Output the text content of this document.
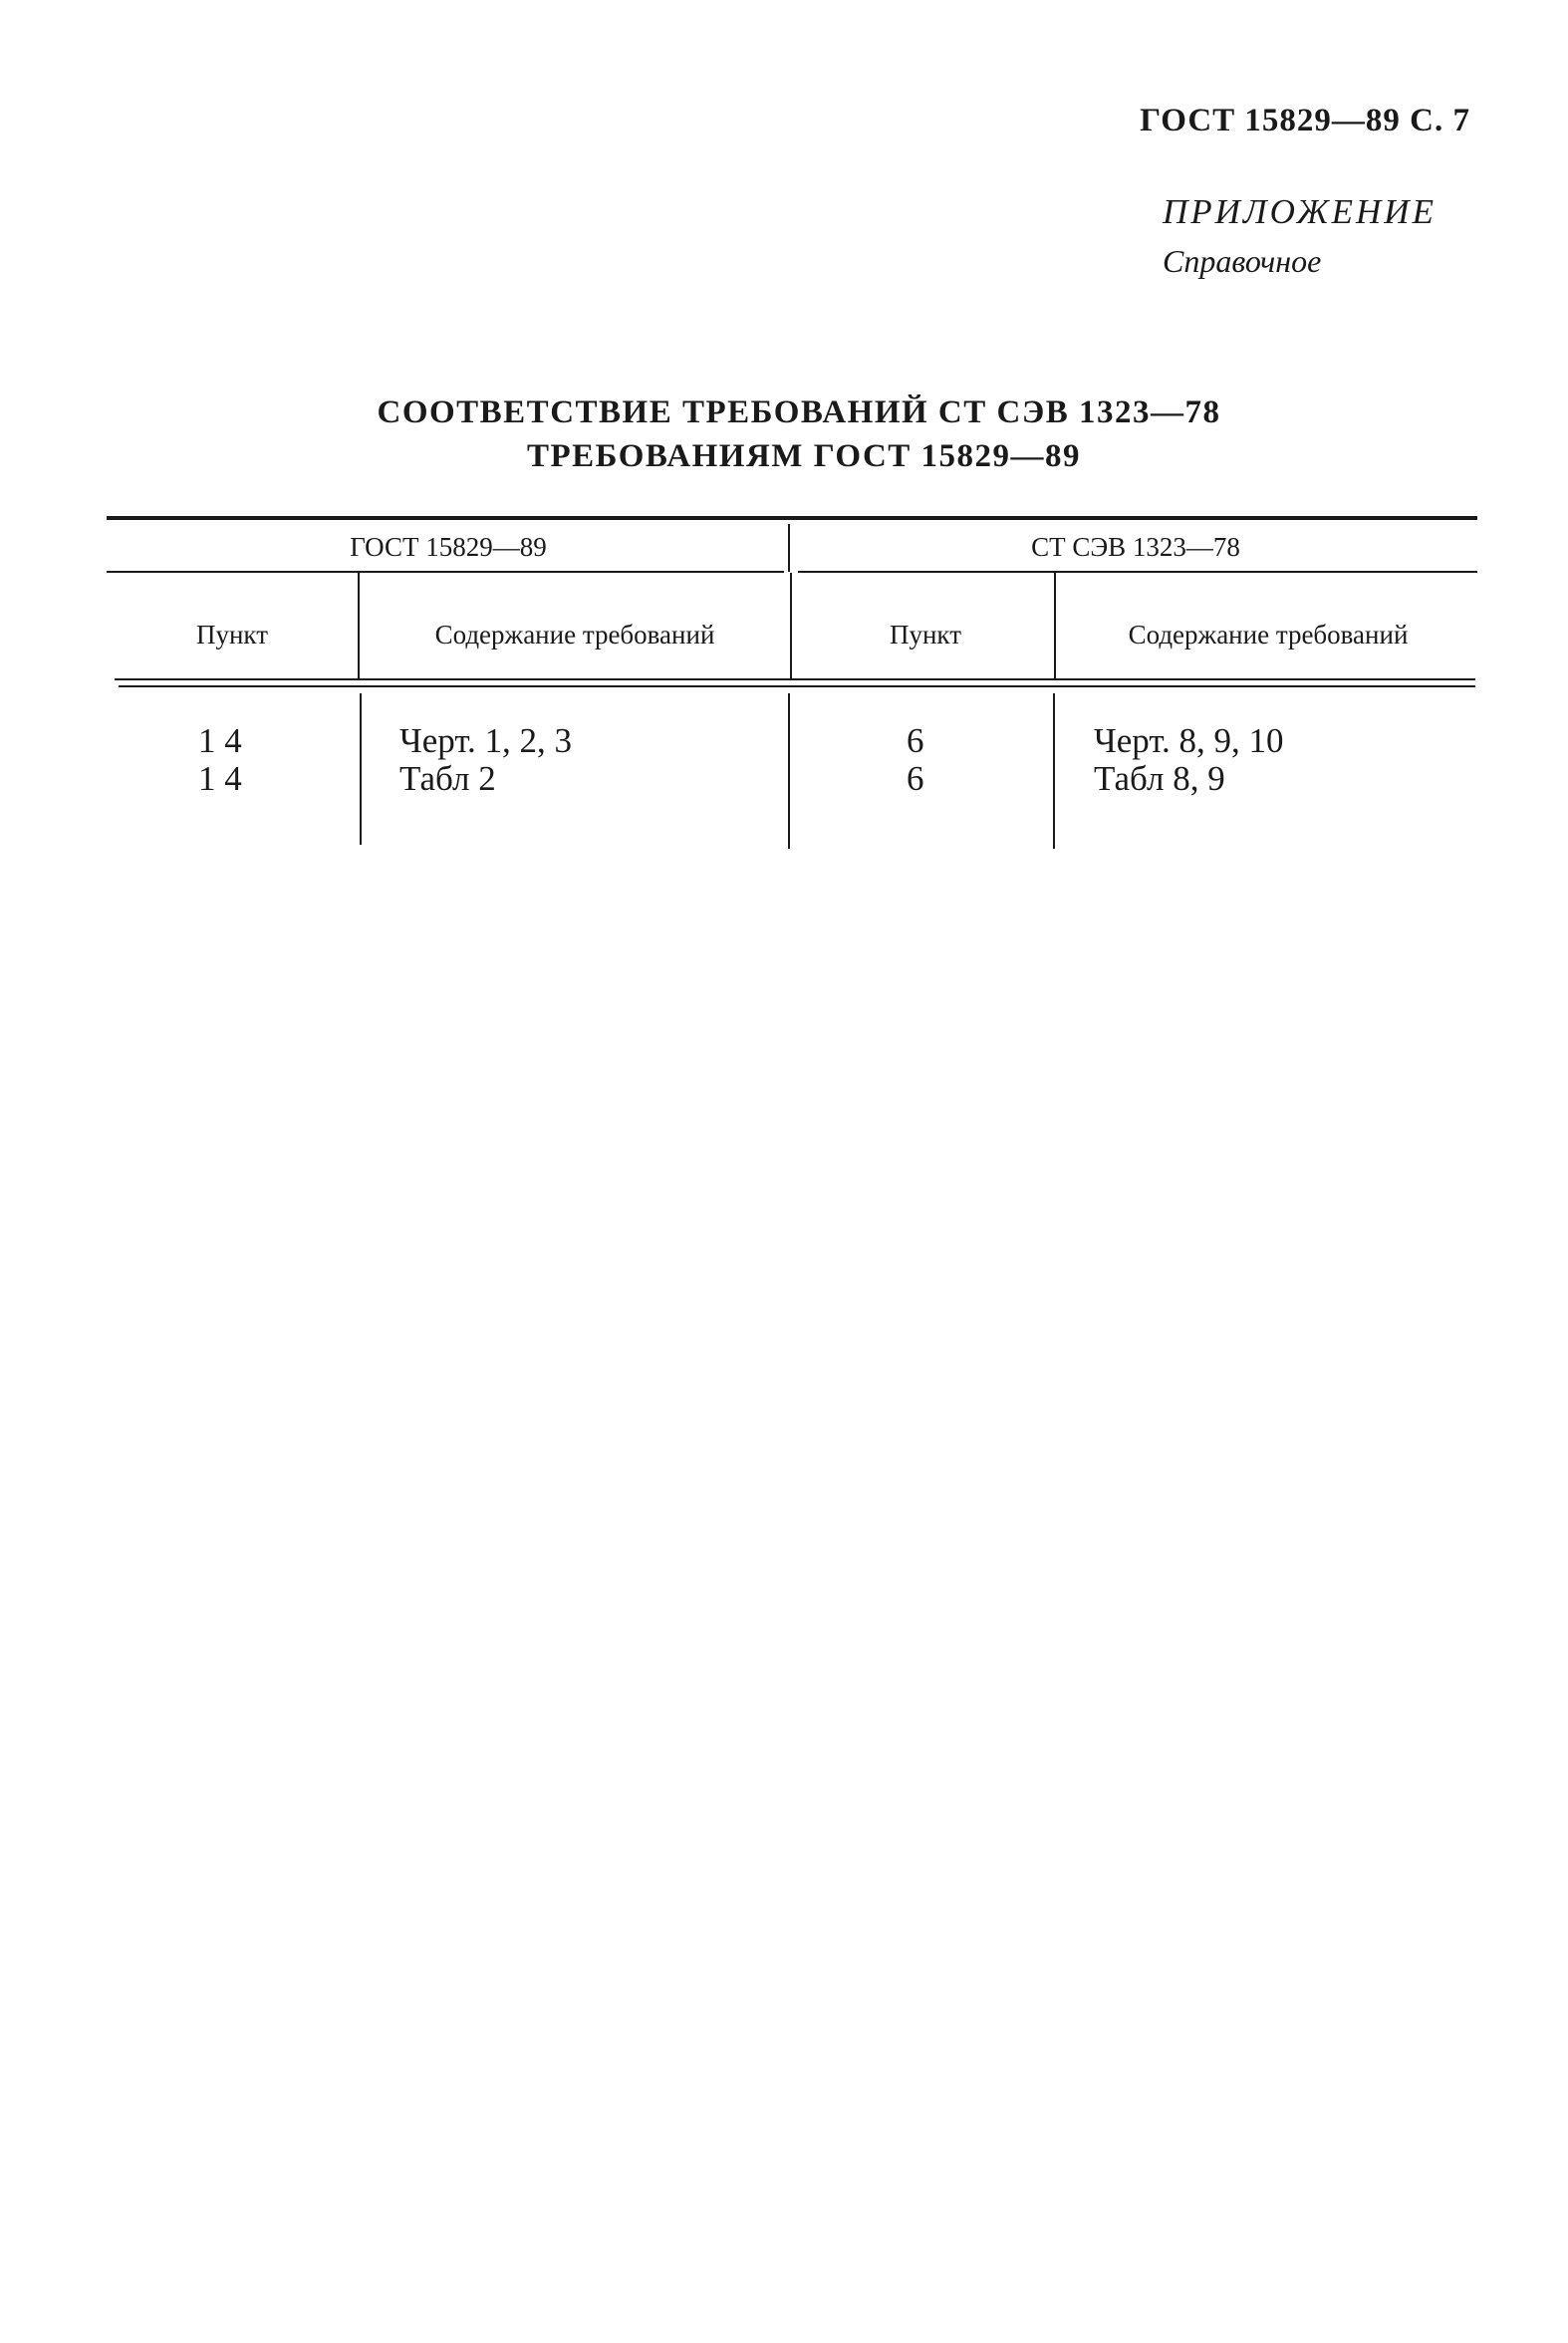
ГОСТ 15829—89 С. 7
ПРИЛОЖЕНИЕ
Справочное
СООТВЕТСТВИЕ ТРЕБОВАНИЙ СТ СЭВ 1323—78
ТРЕБОВАНИЯМ ГОСТ 15829—89
ГОСТ 15829—89	СТ СЭВ 1323—78
Пункт	Содержание требований	Пункт	Содержание требований
1 4	Черт. 1, 2, 3	6	Черт. 8, 9, 10
1 4	Табл 2	6	Табл 8, 9
